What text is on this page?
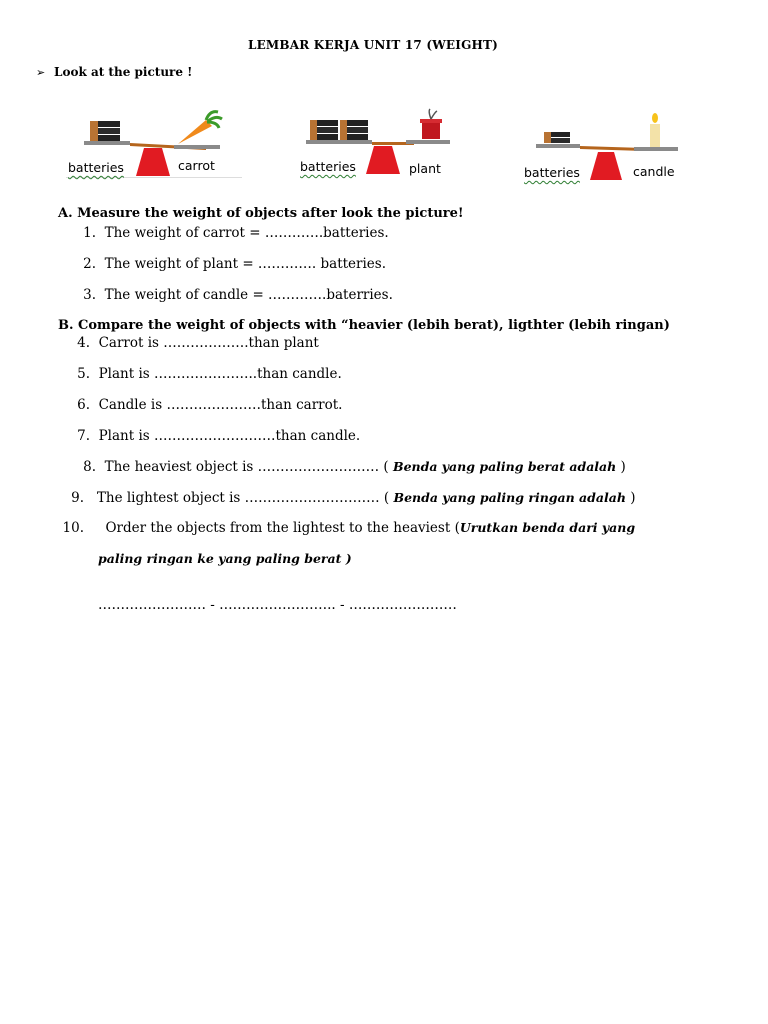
LEMBAR KERJA UNIT 17 (WEIGHT)
➢ Look at the picture !
batteries	carrot	batteries	plant	batteries	candle
A. Measure the weight of objects after look the picture!
1. The weight of carrot = ………….batteries.
2. The weight of plant = …………. batteries.
3. The weight of candle = ………….baterries.
B. Compare the weight of objects with “heavier (lebih berat), ligthter (lebih ringan)
4. Carrot is ……………….than plant
5. Plant is …………………..than candle.
6. Candle is …………………than carrot.
7. Plant is ………………………than candle.
8. The heaviest object is ……………………… ( Benda yang paling berat adalah )
9. The lightest object is ………………………… ( Benda yang paling ringan adalah )
10. Order the objects from the lightest to the heaviest (Urutkan benda dari yang
paling ringan ke yang paling berat )
…………………… - …………………….. - ……………………
